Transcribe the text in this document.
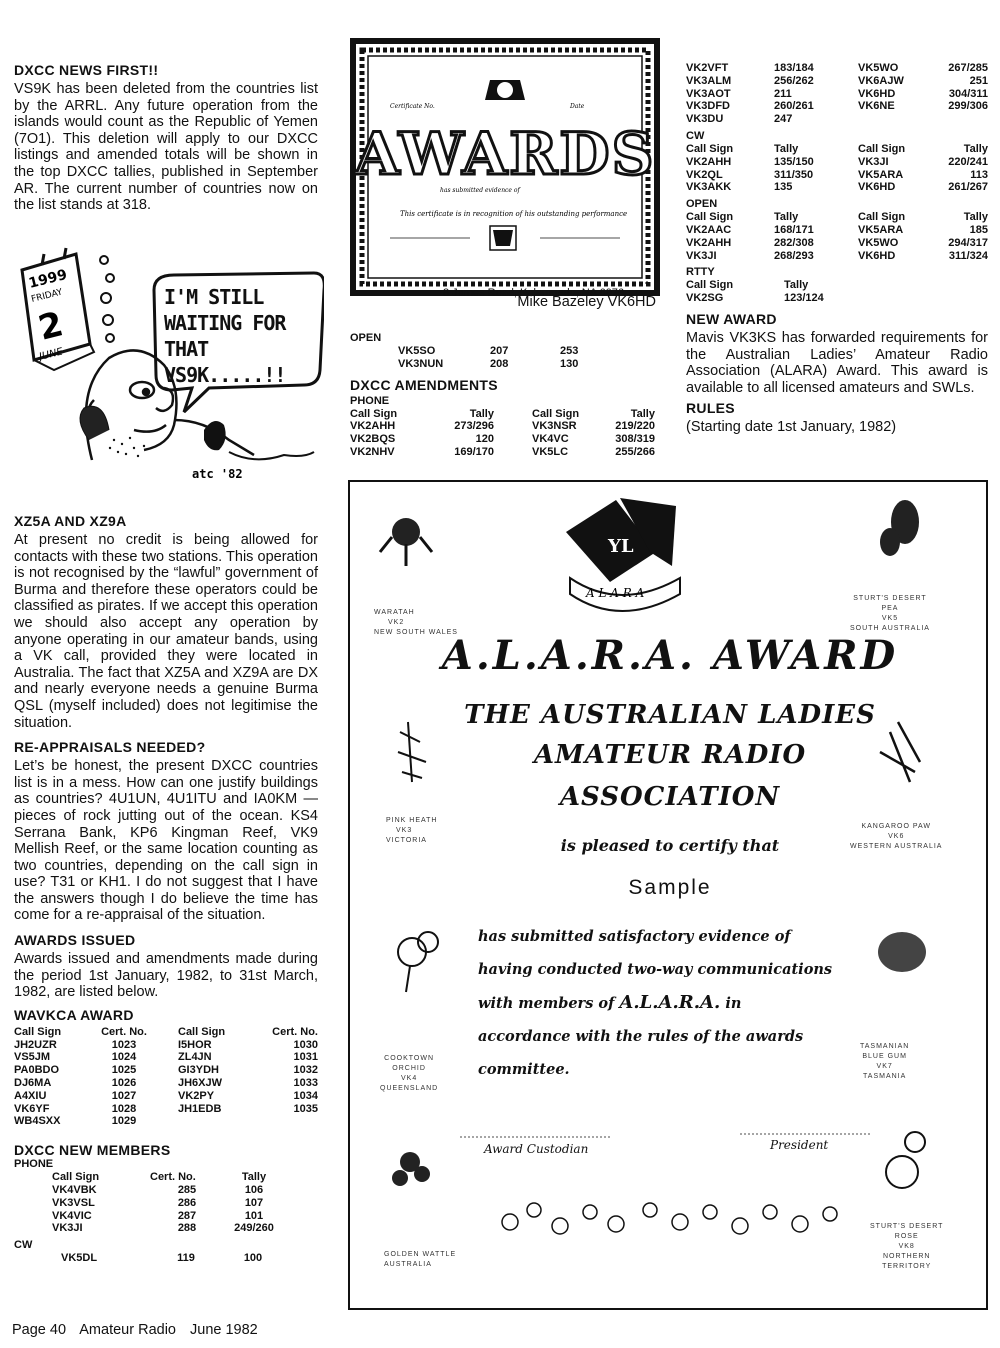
DXCC NEWS FIRST!!

VS9K has been deleted from the countries list by the ARRL. Any future operation from the islands would count as the Republic of Yemen (7O1). This deletion will apply to our DXCC listings and amended totals will be shown in the top DXCC tallies, published in September AR. The current number of countries now on the list stands at 318.

1999
FRIDAY
2
JUNE
I'M STILL WAITING FOR THAT VS9K.....!!
atc '82
XZ5A AND XZ9A

At present no credit is being allowed for contacts with these two stations. This operation is not recognised by the “lawful” government of Burma and therefore these operators could be classified as pirates. If we accept this operation we should also accept any operation by anyone operating in our amateur bands, using a VK call, provided they were located in Australia. The fact that XZ5A and XZ9A are DX and nearly everyone needs a genuine Burma QSL (myself included) does not legitimise the situation.

RE-APPRAISALS NEEDED?

Let’s be honest, the present DXCC countries list is in a mess. How can one justify buildings as countries? 4U1UN, 4U1ITU and IA0KM — pieces of rock jutting out of the ocean. KS4 Serrana Bank, KP6 Kingman Reef, VK9 Mellish Reef, or the same location counting as two countries, depending on the call sign in use? T31 or KH1. I do not suggest that I have the answers though I do believe the time has come for a re-appraisal of the situation.

AWARDS ISSUED

Awards issued and amendments made during the period 1st January, 1982, to 31st March, 1982, are listed below.

WAVKCA AWARD
Call Sign	Cert. No.	Call Sign	Cert. No.
JH2UZR	1023	I5HOR	1030
VS5JM	1024	ZL4JN	1031
PA0BDO	1025	GI3YDH	1032
DJ6MA	1026	JH6XJW	1033
A4XIU	1027	VK2PY	1034
VK6YF	1028	JH1EDB	1035
WB4SXX	1029		
DXCC NEW MEMBERS
PHONE
Call Sign	Cert. No.	Tally
VK4VBK	285	106
VK3VSL	286	107
VK4VIC	287	101
VK3JI	288	249/260
CW
VK5DL	119	100
Certificate No.	Date
AWARDS
has submitted evidence of
This certificate is in recognition of his outstanding performance
Mike Bazeley VK6HD
8 James Road, Kalamunda, NA 6076
OPEN
VK5SO	207	253
VK3NUN	208	130
DXCC AMENDMENTS
PHONE
Call Sign	Tally	Call Sign	Tally
VK2AHH	273/296	VK3NSR	219/220
VK2BQS	120	VK4VC	308/319
VK2NHV	169/170	VK5LC	255/266
VK2VFT	183/184	VK5WO	267/285
VK3ALM	256/262	VK6AJW	251
VK3AOT	211	VK6HD	304/311
VK3DFD	260/261	VK6NE	299/306
VK3DU	247		
CW
Call Sign	Tally	Call Sign	Tally
VK2AHH	135/150	VK3JI	220/241
VK2QL	311/350	VK5ARA	113
VK3AKK	135	VK6HD	261/267
OPEN
Call Sign	Tally	Call Sign	Tally
VK2AAC	168/171	VK5ARA	185
VK2AHH	282/308	VK5WO	294/317
VK3JI	268/293	VK6HD	311/324
RTTY
Call Sign	Tally
VK2SG	123/124
NEW AWARD

Mavis VK3KS has forwarded requirements for the Australian Ladies’ Amateur Radio Association (ALARA) Award. This award is available to all licensed amateurs and SWLs.

RULES
(Starting date 1st January, 1982)
YL
A L A R A
WARATAH
VK2
NEW SOUTH WALES
STURT'S DESERT
PEA
VK5
SOUTH AUSTRALIA
PINK HEATH
VK3
VICTORIA
KANGAROO PAW
VK6
WESTERN AUSTRALIA
COOKTOWN
ORCHID
VK4
QUEENSLAND
TASMANIAN
BLUE GUM
VK7
TASMANIA
GOLDEN WATTLE
AUSTRALIA
STURT'S DESERT
ROSE
VK8
NORTHERN
TERRITORY
A.L.A.R.A. AWARD
THE AUSTRALIAN LADIES
AMATEUR RADIO
ASSOCIATION
is pleased to certify that
Sample
has submitted satisfactory evidence of
having conducted two-way communications
with members of A.L.A.R.A. in
accordance with the rules of the awards
committee.
Award Custodian	President
Page 40 Amateur Radio June 1982
